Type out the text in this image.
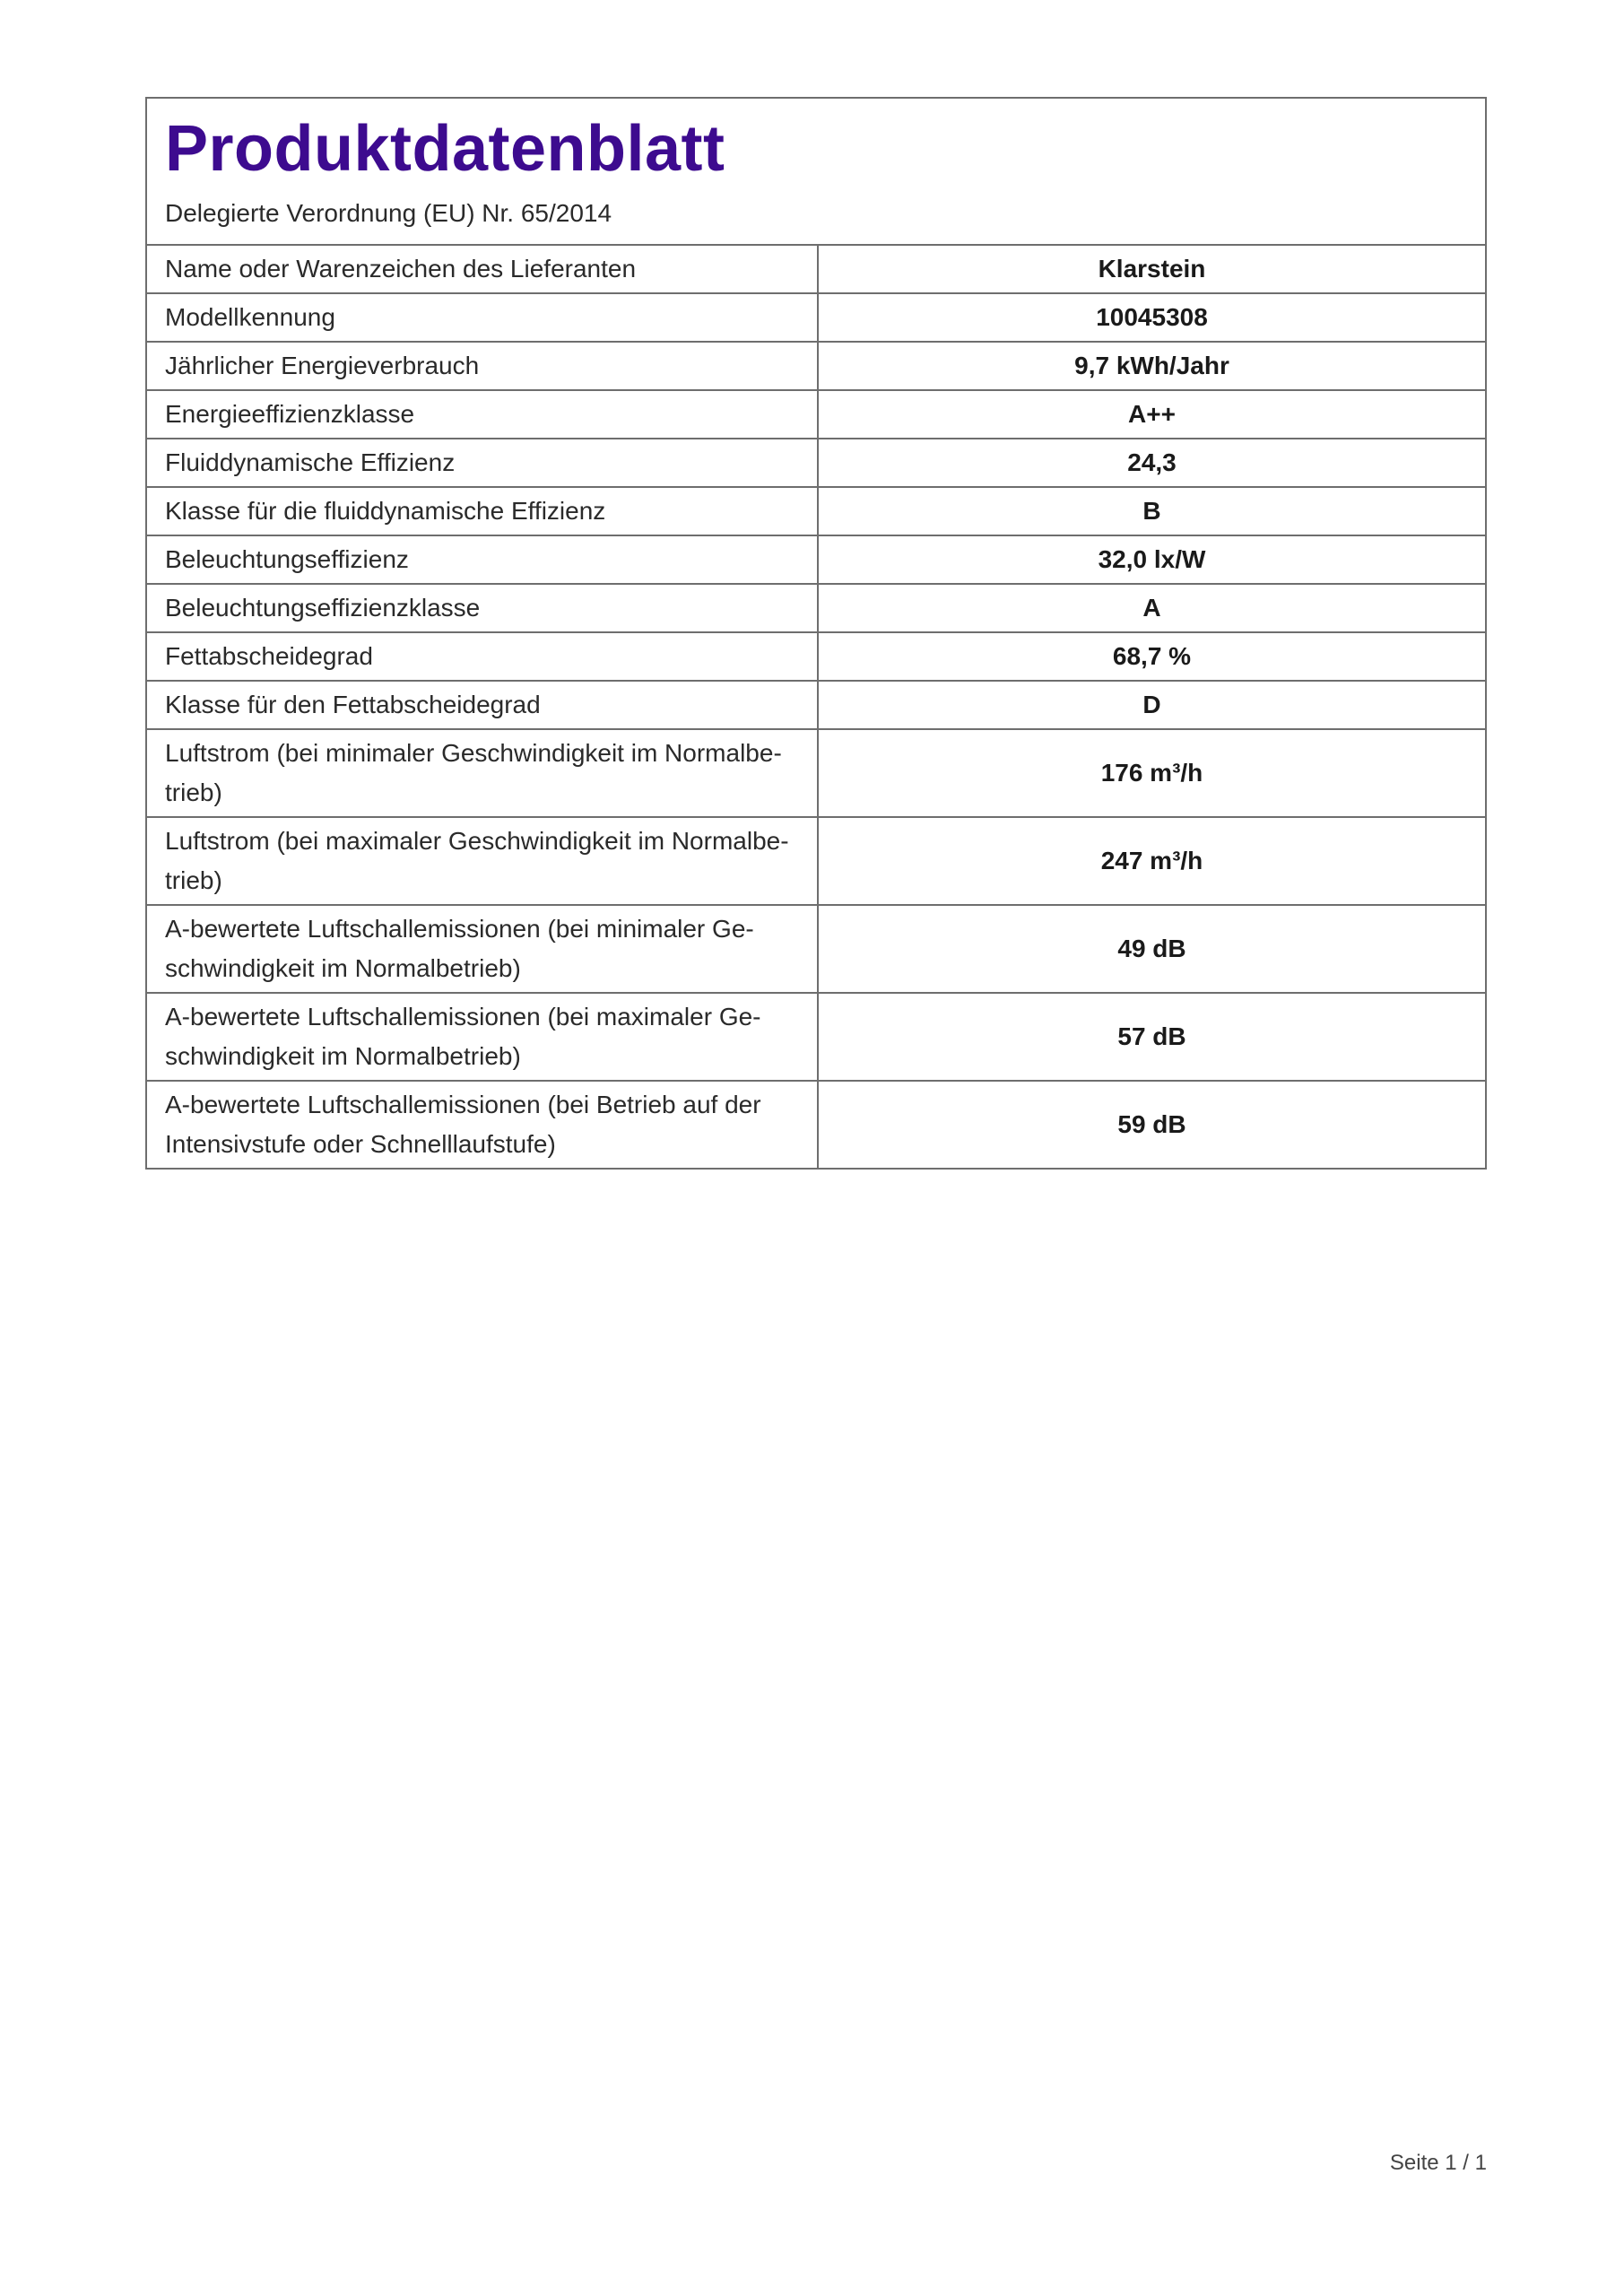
Produktdatenblatt
Delegierte Verordnung (EU) Nr. 65/2014
Name oder Warenzeichen des Lieferanten	Klarstein
Modellkennung	10045308
Jährlicher Energieverbrauch	9,7 kWh/Jahr
Energieeffizienzklasse	A++
Fluiddynamische Effizienz	24,3
Klasse für die fluiddynamische Effizienz	B
Beleuchtungseffizienz	32,0 lx/W
Beleuchtungseffizienzklasse	A
Fettabscheidegrad	68,7 %
Klasse für den Fettabscheidegrad	D
Luftstrom (bei minimaler Geschwindigkeit im Normalbe-trieb)	176 m³/h
Luftstrom (bei maximaler Geschwindigkeit im Normalbe-trieb)	247 m³/h
A-bewertete Luftschallemissionen (bei minimaler Ge-schwindigkeit im Normalbetrieb)	49 dB
A-bewertete Luftschallemissionen (bei maximaler Ge-schwindigkeit im Normalbetrieb)	57 dB
A-bewertete Luftschallemissionen (bei Betrieb auf der Intensivstufe oder Schnelllaufstufe)	59 dB
Seite 1 / 1
